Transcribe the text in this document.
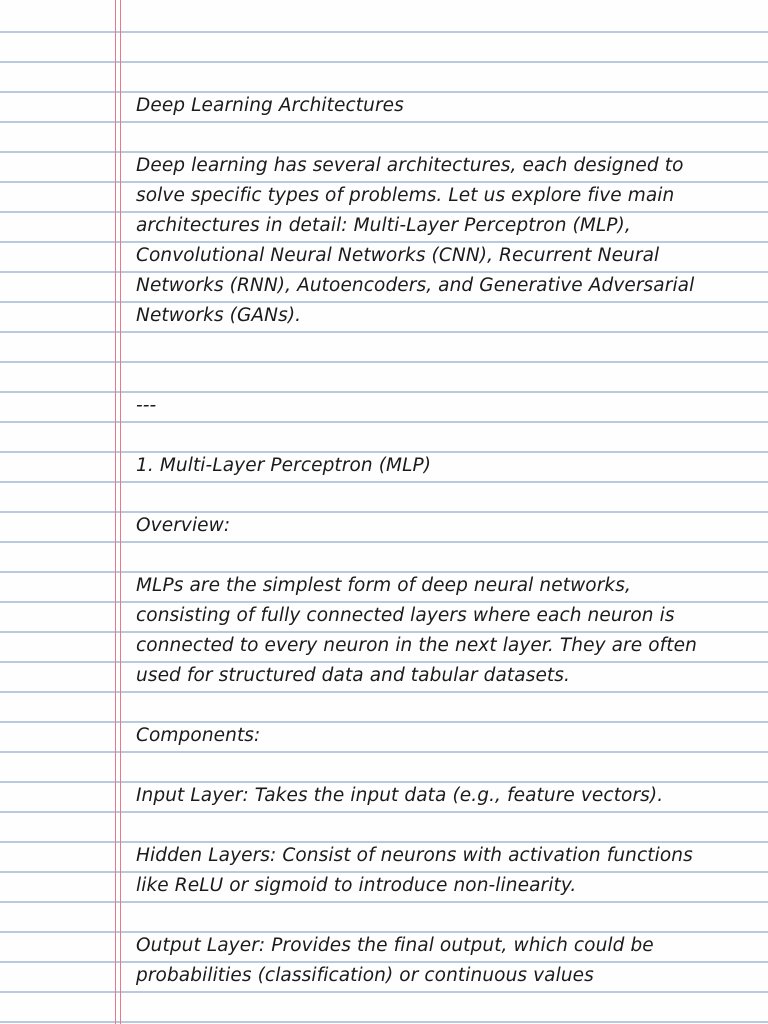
Deep Learning Architectures
Deep learning has several architectures, each designed to
solve specific types of problems. Let us explore five main
architectures in detail: Multi-Layer Perceptron (MLP),
Convolutional Neural Networks (CNN), Recurrent Neural
Networks (RNN), Autoencoders, and Generative Adversarial
Networks (GANs).
---
1. Multi-Layer Perceptron (MLP)
Overview:
MLPs are the simplest form of deep neural networks,
consisting of fully connected layers where each neuron is
connected to every neuron in the next layer. They are often
used for structured data and tabular datasets.
Components:
Input Layer: Takes the input data (e.g., feature vectors).
Hidden Layers: Consist of neurons with activation functions
like ReLU or sigmoid to introduce non-linearity.
Output Layer: Provides the final output, which could be
probabilities (classification) or continuous values
